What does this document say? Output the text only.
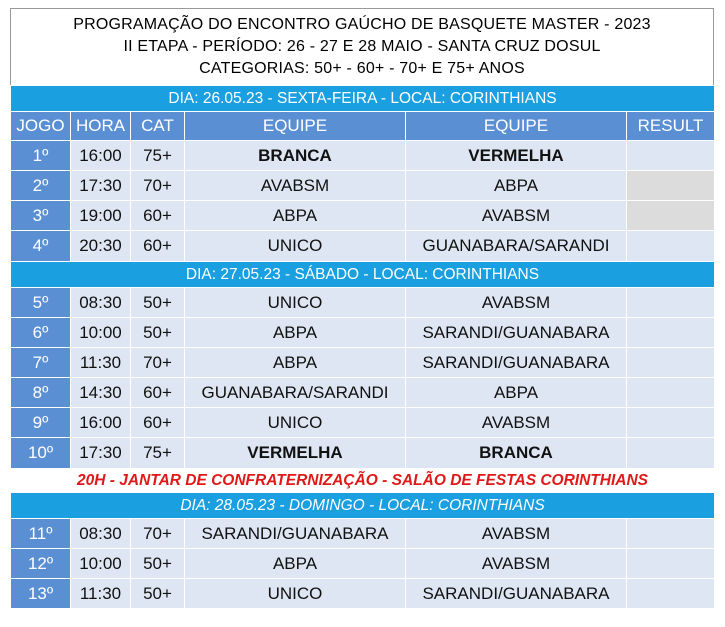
PROGRAMAÇÃO DO ENCONTRO GAÚCHO DE BASQUETE MASTER - 2023
II ETAPA - PERÍODO: 26 - 27 E 28 MAIO - SANTA CRUZ DOSUL
CATEGORIAS: 50+ - 60+ - 70+ E 75+ ANOS
DIA: 26.05.23 - SEXTA-FEIRA - LOCAL: CORINTHIANS					
JOGO	HORA	CAT	EQUIPE	EQUIPE	RESULT
1º	16:00	75+	BRANCA	VERMELHA	
2º	17:30	70+	AVABSM	ABPA	
3º	19:00	60+	ABPA	AVABSM	
4º	20:30	60+	UNICO	GUANABARA/SARANDI	
DIA: 27.05.23 - SÁBADO - LOCAL: CORINTHIANS					
5º	08:30	50+	UNICO	AVABSM	
6º	10:00	50+	ABPA	SARANDI/GUANABARA	
7º	11:30	70+	ABPA	SARANDI/GUANABARA	
8º	14:30	60+	GUANABARA/SARANDI	ABPA	
9º	16:00	60+	UNICO	AVABSM	
10º	17:30	75+	VERMELHA	BRANCA	
20H - JANTAR DE CONFRATERNIZAÇÃO - SALÃO DE FESTAS CORINTHIANS					
DIA: 28.05.23 - DOMINGO - LOCAL: CORINTHIANS					
11º	08:30	70+	SARANDI/GUANABARA	AVABSM	
12º	10:00	50+	ABPA	AVABSM	
13º	11:30	50+	UNICO	SARANDI/GUANABARA	
